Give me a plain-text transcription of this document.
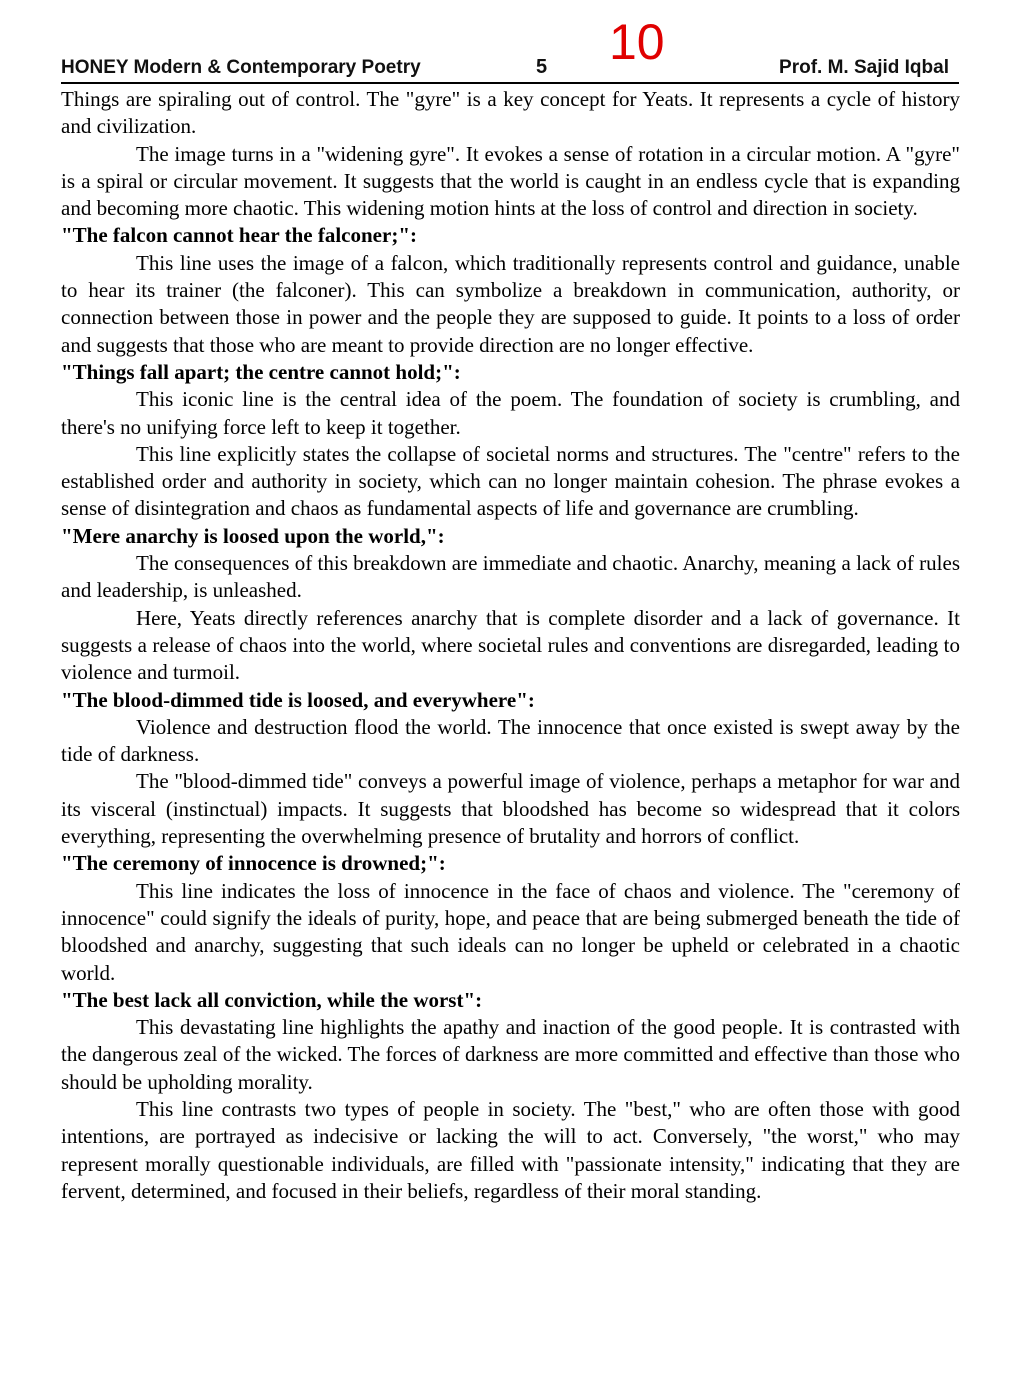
HONEY Modern & Contemporary Poetry	5 10	Prof. M. Sajid Iqbal

Things are spiraling out of control. The "gyre" is a key concept for Yeats. It represents a cycle of history and civilization.

The image turns in a "widening gyre". It evokes a sense of rotation in a circular motion. A "gyre" is a spiral or circular movement. It suggests that the world is caught in an endless cycle that is expanding and becoming more chaotic. This widening motion hints at the loss of control and direction in society.

"The falcon cannot hear the falconer;":

This line uses the image of a falcon, which traditionally represents control and guidance, unable to hear its trainer (the falconer). This can symbolize a breakdown in communication, authority, or connection between those in power and the people they are supposed to guide. It points to a loss of order and suggests that those who are meant to provide direction are no longer effective.

"Things fall apart; the centre cannot hold;":

This iconic line is the central idea of the poem. The foundation of society is crumbling, and there's no unifying force left to keep it together.

This line explicitly states the collapse of societal norms and structures. The "centre" refers to the established order and authority in society, which can no longer maintain cohesion. The phrase evokes a sense of disintegration and chaos as fundamental aspects of life and governance are crumbling.

"Mere anarchy is loosed upon the world,":

The consequences of this breakdown are immediate and chaotic. Anarchy, meaning a lack of rules and leadership, is unleashed.

Here, Yeats directly references anarchy that is complete disorder and a lack of governance. It suggests a release of chaos into the world, where societal rules and conventions are disregarded, leading to violence and turmoil.

"The blood-dimmed tide is loosed, and everywhere":

Violence and destruction flood the world. The innocence that once existed is swept away by the tide of darkness.

The "blood-dimmed tide" conveys a powerful image of violence, perhaps a metaphor for war and its visceral (instinctual) impacts. It suggests that bloodshed has become so widespread that it colors everything, representing the overwhelming presence of brutality and horrors of conflict.

"The ceremony of innocence is drowned;":

This line indicates the loss of innocence in the face of chaos and violence. The "ceremony of innocence" could signify the ideals of purity, hope, and peace that are being submerged beneath the tide of bloodshed and anarchy, suggesting that such ideals can no longer be upheld or celebrated in a chaotic world.

"The best lack all conviction, while the worst":

This devastating line highlights the apathy and inaction of the good people. It is contrasted with the dangerous zeal of the wicked. The forces of darkness are more committed and effective than those who should be upholding morality.

This line contrasts two types of people in society. The "best," who are often those with good intentions, are portrayed as indecisive or lacking the will to act. Conversely, "the worst," who may represent morally questionable individuals, are filled with "passionate intensity," indicating that they are fervent, determined, and focused in their beliefs, regardless of their moral standing.
